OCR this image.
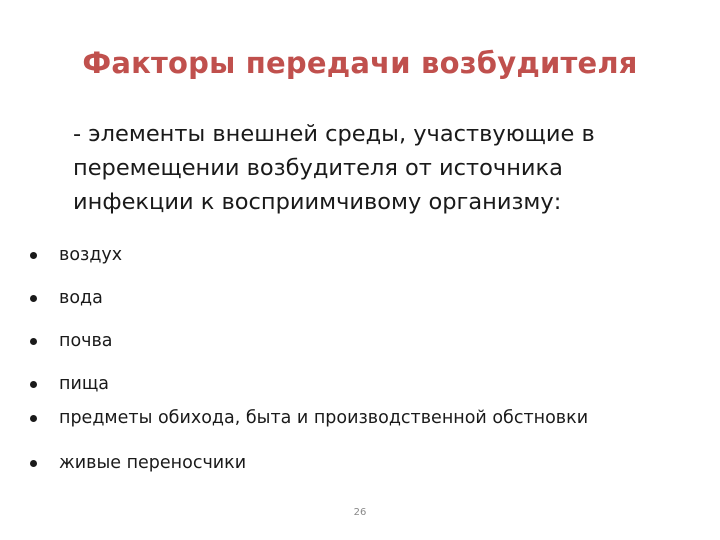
Факторы передачи возбудителя
- элементы внешней среды, участвующие в
перемещении возбудителя от источника
инфекции к восприимчивому организму:
воздух
вода
почва
пища
предметы обихода, быта и производственной обстновки
живые переносчики
26
